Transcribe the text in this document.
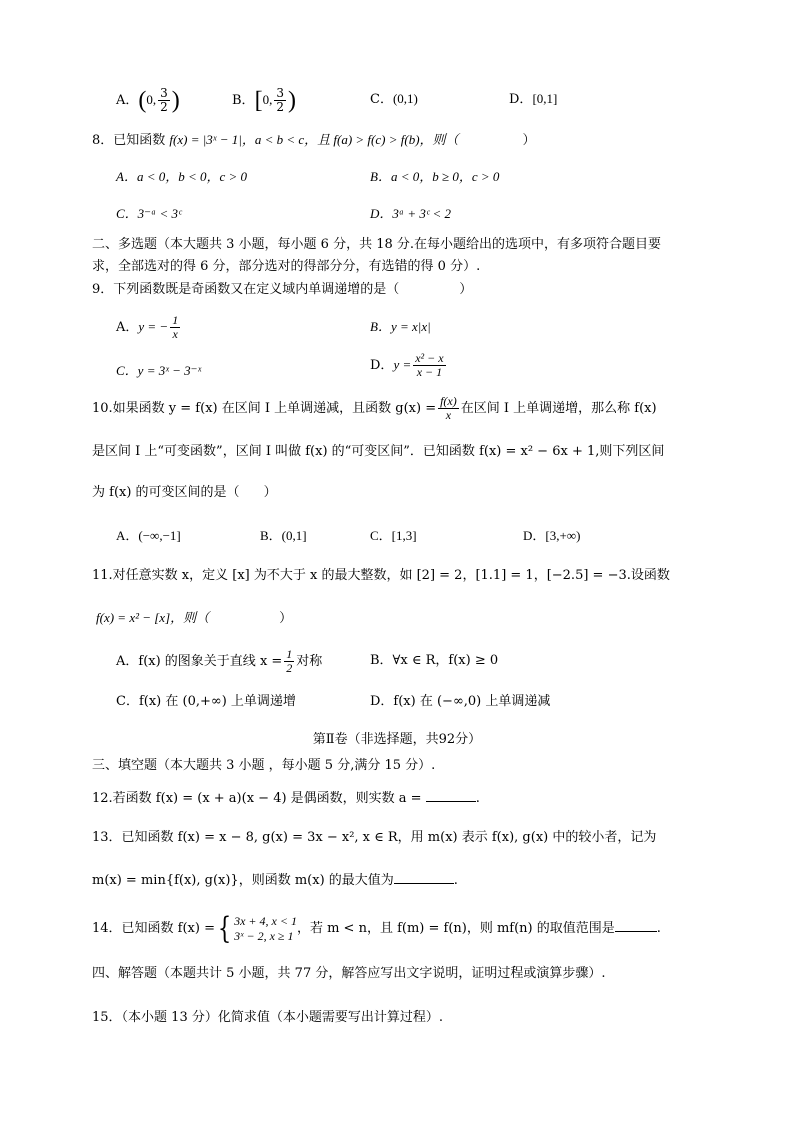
A．(0, $\frac{3}{2}$ )	B．[0, $\frac{3}{2}$ )	C．(0,1)	D．[0,1]
8．已知函数 f(x) = |3ˣ − 1|，a < b < c，且 f(a) > f(c) > f(b)，则（	）
A．a < 0，b < 0，c > 0	B．a < 0，b ≥ 0，c > 0
C．3⁻ᵃ < 3ᶜ	D．3ᵃ + 3ᶜ < 2
二、多选题（本大题共 3 小题，每小题 6 分，共 18 分.在每小题给出的选项中，有多项符合题目要
求，全部选对的得 6 分，部分选对的得部分分，有选错的得 0 分）.
9．下列函数既是奇函数又在定义域内单调递增的是（	）
A．y = − $\frac{1}{x}$	B．y = x|x|
C．y = 3ˣ − 3⁻ˣ	D．$y = \frac{\text{x² − x}}{x - 1}$
10.如果函数 y = f(x) 在区间 I 上单调递减，且函数 $g(x) = \frac{f(x)}{x}$ 在区间 I 上单调递增，那么称 f(x)
是区间 I 上“可变函数”，区间 I 叫做 f(x) 的“可变区间”．已知函数 f(x) = x² − 6x + 1,则下列区间
为 f(x) 的可变区间的是（ ）
A．(−∞,−1]	B．(0,1]	C．[1,3]	D．[3,+∞)
11.对任意实数 x，定义 [x] 为不大于 x 的最大整数，如 [2] = 2，[1.1] = 1，[−2.5] = −3.设函数
f(x) = x² − [x]，则（	）
A．f(x) 的图象关于直线 $x = \frac{1}{2}$ 对称	B．∀x ∈ R，f(x) ≥ 0
C．f(x) 在 (0,+∞) 上单调递增	D．f(x) 在 (−∞,0) 上单调递减
第Ⅱ卷（非选择题，共92分）
三、填空题（本大题共 3 小题 ，每小题 5 分,满分 15 分）.
12.若函数 f(x) = (x + a)(x − 4) 是偶函数，则实数 a =	.
13．已知函数 f(x) = x − 8, g(x) = 3x − x², x ∈ R，用 m(x) 表示 f(x), g(x) 中的较小者，记为
m(x) = min{f(x), g(x)}，则函数 m(x) 的最大值为	.
14．已知函数 f(x) ={ 3x + 4, x < 1
3ˣ − 2, x ≥ 1 ，若 m < n，且 f(m) = f(n)，则 mf(n) 的取值范围是	.
四、解答题（本题共计 5 小题，共 77 分，解答应写出文字说明，证明过程或演算步骤）.
15．（本小题 13 分）化简求值（本小题需要写出计算过程）.
